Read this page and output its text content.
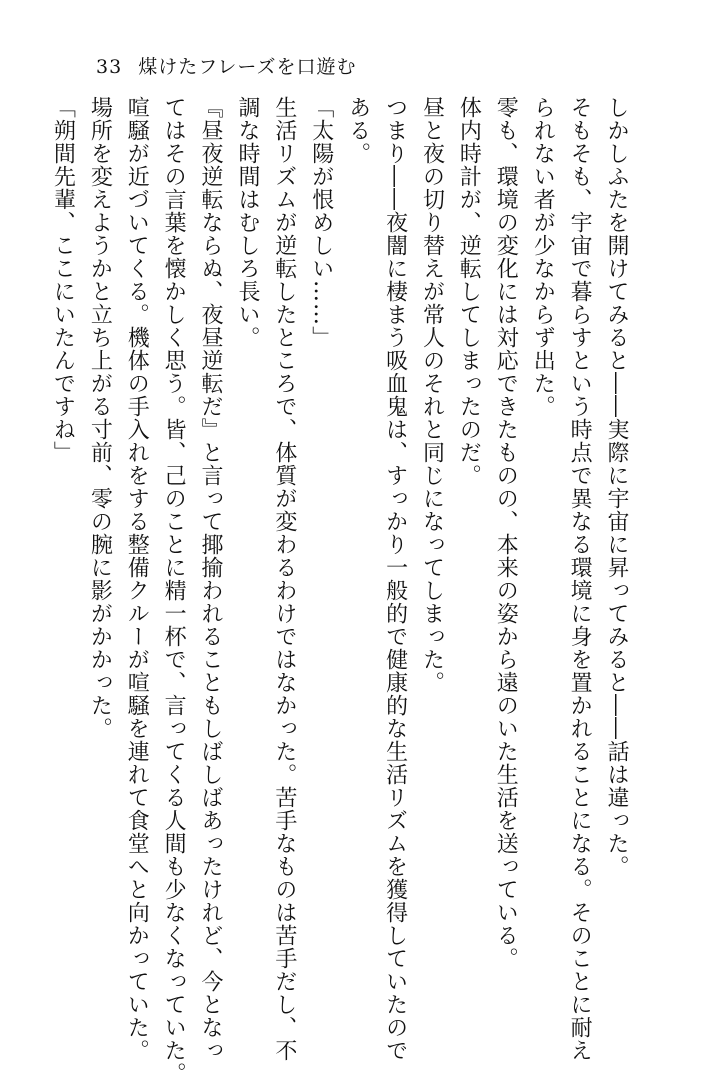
33 煤けたフレーズを口遊む

しかしふたを開けてみると――実際に宇宙に昇ってみると――話は違った。

そもそも、宇宙で暮らすという時点で異なる環境に身を置かれることになる。そのことに耐え

られない者が少なからず出た。

零も、環境の変化には対応できたものの、本来の姿から遠のいた生活を送っている。

体内時計が、逆転してしまったのだ。

昼と夜の切り替えが常人のそれと同じになってしまった。

つまり――夜闇に棲まう吸血鬼は、すっかり一般的で健康的な生活リズムを獲得していたので

ある。

「太陽が恨めしい……」

生活リズムが逆転したところで、体質が変わるわけではなかった。苦手なものは苦手だし、不

調な時間はむしろ長い。

『昼夜逆転ならぬ、夜昼逆転だ』と言って揶揄われることもしばしばあったけれど、今となっ

てはその言葉を懐かしく思う。皆、己のことに精一杯で、言ってくる人間も少なくなっていた。

喧騒が近づいてくる。機体の手入れをする整備クルーが喧騒を連れて食堂へと向かっていた。

場所を変えようかと立ち上がる寸前、零の腕に影がかかった。

「朔間先輩、ここにいたんですね」
